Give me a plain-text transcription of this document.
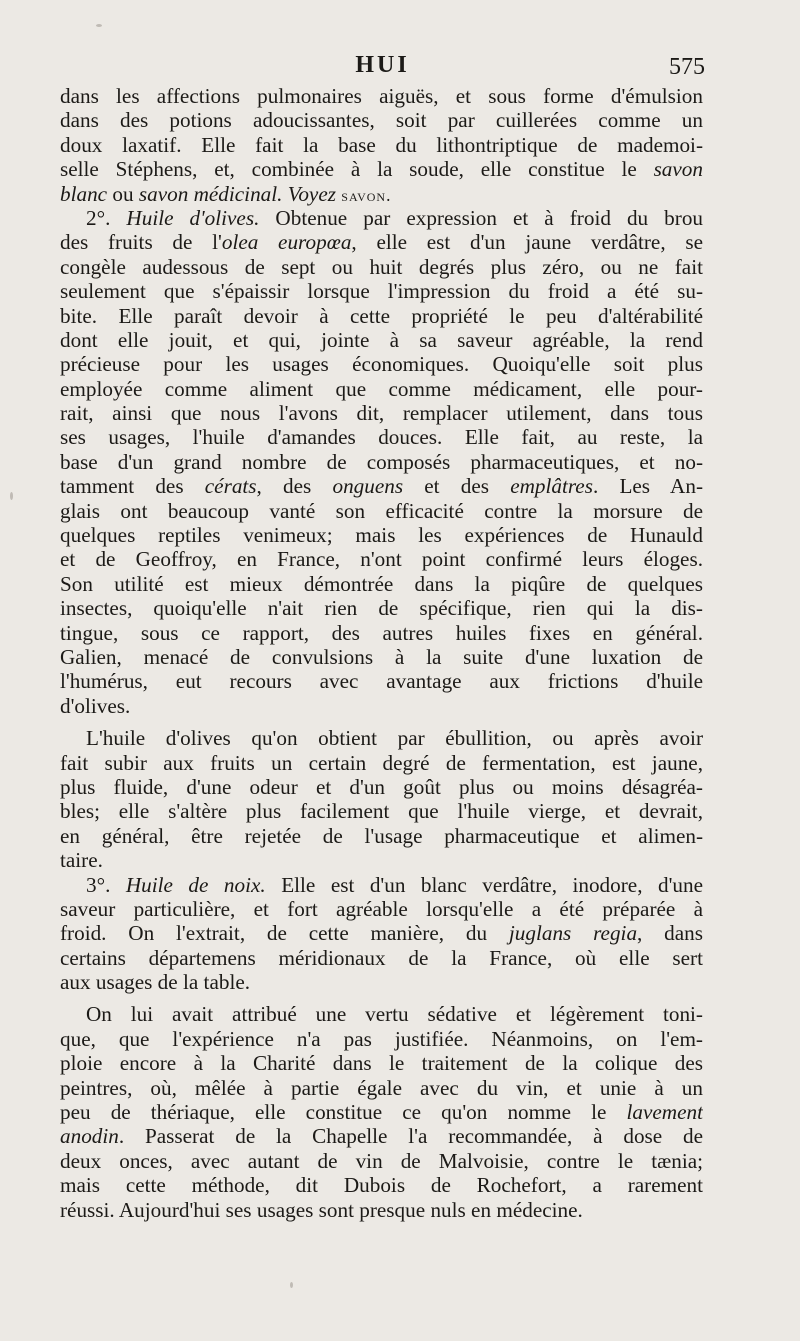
HUI	575
dans les affections pulmonaires aiguës, et sous forme d'émulsion
dans des potions adoucissantes, soit par cuillerées comme un
doux laxatif. Elle fait la base du lithontriptique de mademoi-
selle Stéphens, et, combinée à la soude, elle constitue le savon
blanc ou savon médicinal. Voyez savon.
2°. Huile d'olives. Obtenue par expression et à froid du brou
des fruits de l'olea europœa, elle est d'un jaune verdâtre, se
congèle audessous de sept ou huit degrés plus zéro, ou ne fait
seulement que s'épaissir lorsque l'impression du froid a été su-
bite. Elle paraît devoir à cette propriété le peu d'altérabilité
dont elle jouit, et qui, jointe à sa saveur agréable, la rend
précieuse pour les usages économiques. Quoiqu'elle soit plus
employée comme aliment que comme médicament, elle pour-
rait, ainsi que nous l'avons dit, remplacer utilement, dans tous
ses usages, l'huile d'amandes douces. Elle fait, au reste, la
base d'un grand nombre de composés pharmaceutiques, et no-
tamment des cérats, des onguens et des emplâtres. Les An-
glais ont beaucoup vanté son efficacité contre la morsure de
quelques reptiles venimeux; mais les expériences de Hunauld
et de Geoffroy, en France, n'ont point confirmé leurs éloges.
Son utilité est mieux démontrée dans la piqûre de quelques
insectes, quoiqu'elle n'ait rien de spécifique, rien qui la dis-
tingue, sous ce rapport, des autres huiles fixes en général.
Galien, menacé de convulsions à la suite d'une luxation de
l'humérus, eut recours avec avantage aux frictions d'huile
d'olives.
L'huile d'olives qu'on obtient par ébullition, ou après avoir
fait subir aux fruits un certain degré de fermentation, est jaune,
plus fluide, d'une odeur et d'un goût plus ou moins désagréa-
bles; elle s'altère plus facilement que l'huile vierge, et devrait,
en général, être rejetée de l'usage pharmaceutique et alimen-
taire.
3°. Huile de noix. Elle est d'un blanc verdâtre, inodore, d'une
saveur particulière, et fort agréable lorsqu'elle a été préparée à
froid. On l'extrait, de cette manière, du juglans regia, dans
certains départemens méridionaux de la France, où elle sert
aux usages de la table.
On lui avait attribué une vertu sédative et légèrement toni-
que, que l'expérience n'a pas justifiée. Néanmoins, on l'em-
ploie encore à la Charité dans le traitement de la colique des
peintres, où, mêlée à partie égale avec du vin, et unie à un
peu de thériaque, elle constitue ce qu'on nomme le lavement
anodin. Passerat de la Chapelle l'a recommandée, à dose de
deux onces, avec autant de vin de Malvoisie, contre le tænia;
mais cette méthode, dit Dubois de Rochefort, a rarement
réussi. Aujourd'hui ses usages sont presque nuls en médecine.
